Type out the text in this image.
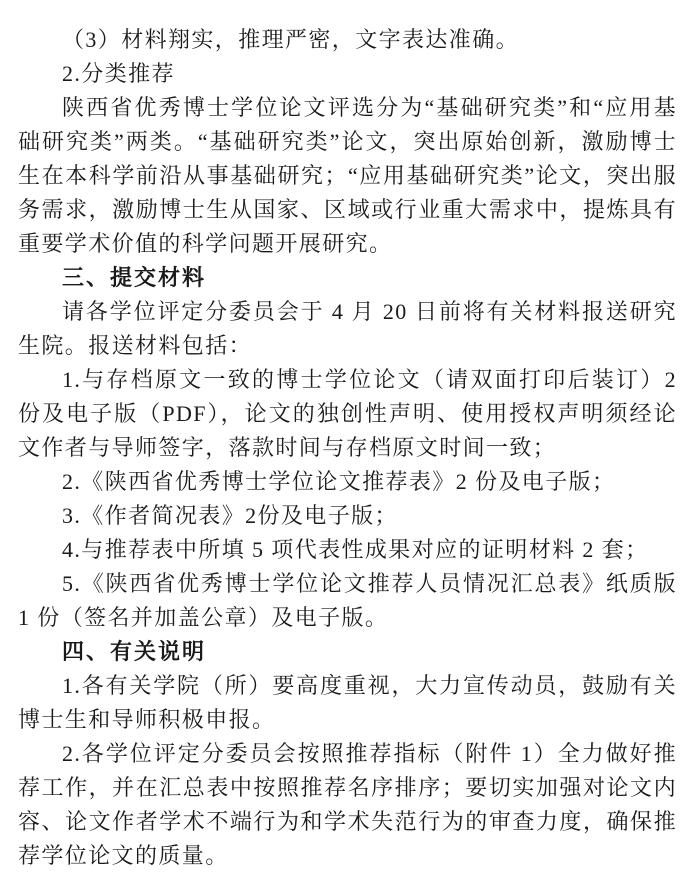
（3）材料翔实，推理严密，文字表达准确。

2.分类推荐

陕西省优秀博士学位论文评选分为“基础研究类”和“应用基础研究类”两类。“基础研究类”论文，突出原始创新，激励博士生在本科学前沿从事基础研究；“应用基础研究类”论文，突出服务需求，激励博士生从国家、区域或行业重大需求中，提炼具有重要学术价值的科学问题开展研究。

三、提交材料

请各学位评定分委员会于 4 月 20 日前将有关材料报送研究生院。报送材料包括：

1.与存档原文一致的博士学位论文（请双面打印后装订）2 份及电子版（PDF），论文的独创性声明、使用授权声明须经论文作者与导师签字，落款时间与存档原文时间一致；

2.《陕西省优秀博士学位论文推荐表》2 份及电子版；

3.《作者简况表》2份及电子版；

4.与推荐表中所填 5 项代表性成果对应的证明材料 2 套；

5.《陕西省优秀博士学位论文推荐人员情况汇总表》纸质版 1 份（签名并加盖公章）及电子版。

四、有关说明

1.各有关学院（所）要高度重视，大力宣传动员，鼓励有关博士生和导师积极申报。

2.各学位评定分委员会按照推荐指标（附件 1）全力做好推荐工作，并在汇总表中按照推荐名序排序；要切实加强对论文内容、论文作者学术不端行为和学术失范行为的审查力度，确保推荐学位论文的质量。
